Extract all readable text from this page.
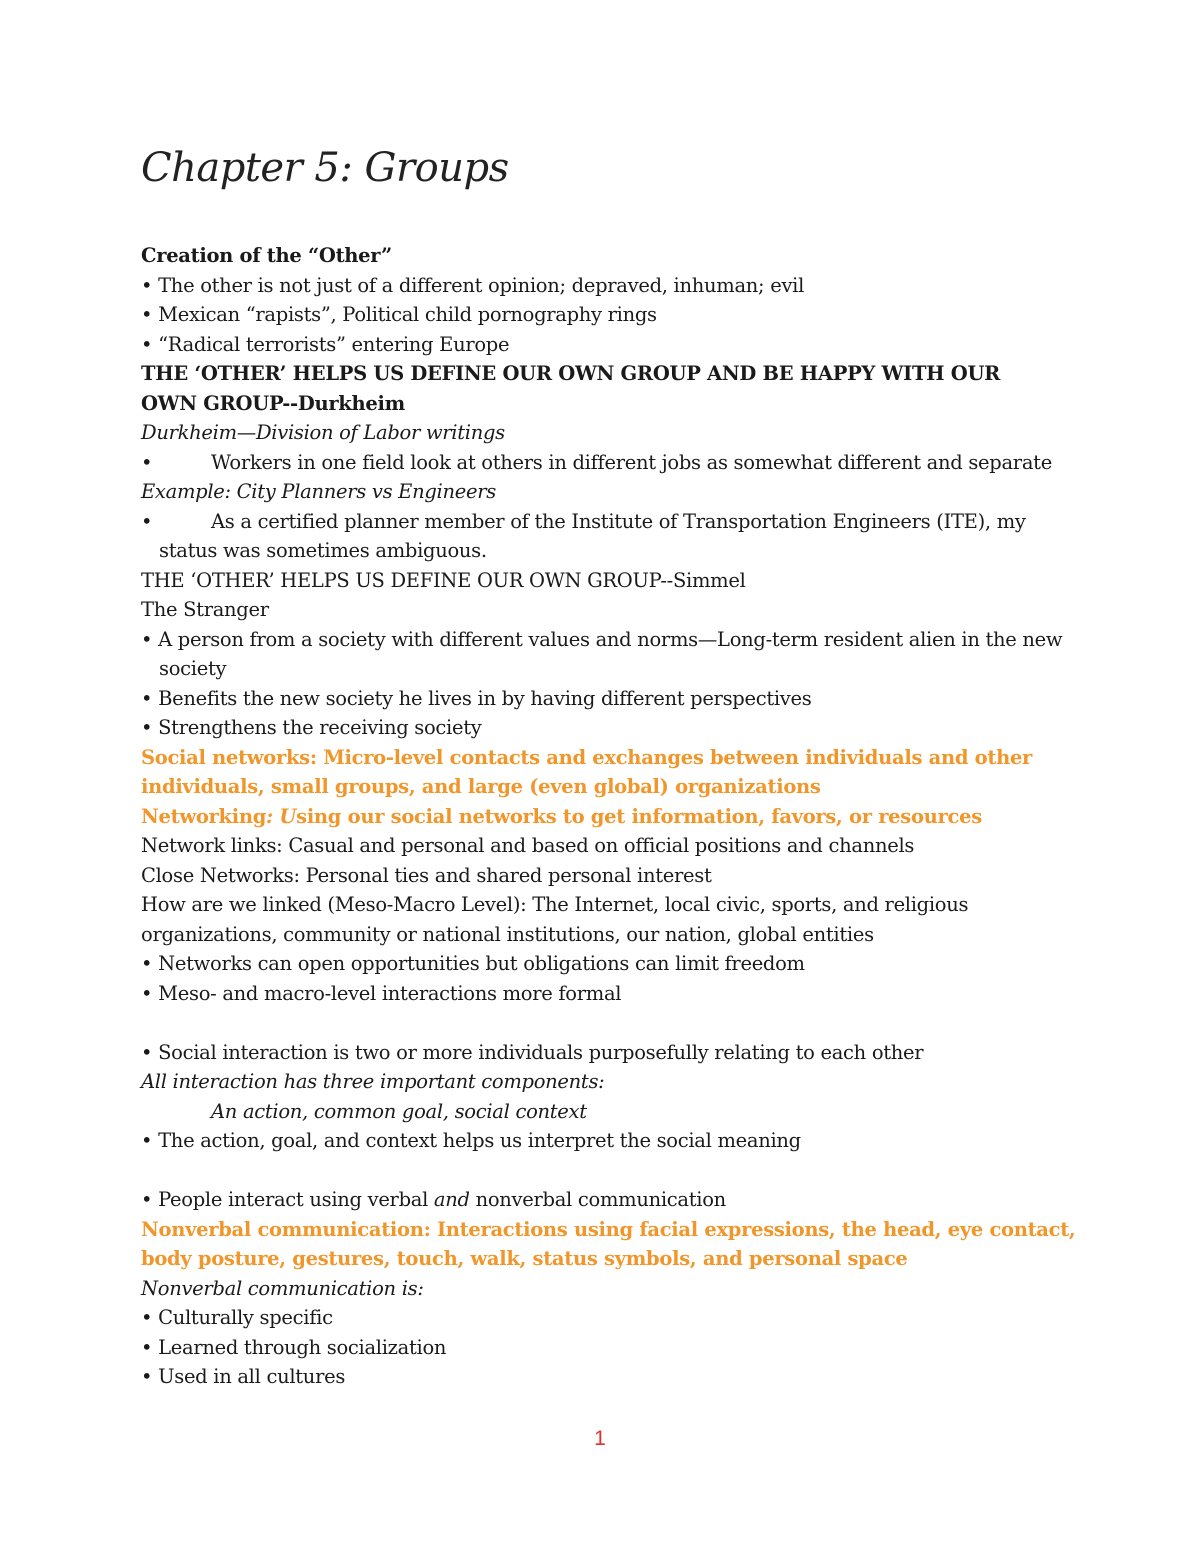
Chapter 5: Groups
Creation of the “Other”
• The other is not just of a different opinion; depraved, inhuman; evil
• Mexican “rapists”, Political child pornography rings
• “Radical terrorists” entering Europe
THE ‘OTHER’ HELPS US DEFINE OUR OWN GROUP AND BE HAPPY WITH OUR
OWN GROUP--Durkheim
Durkheim—Division of Labor writings
•	Workers in one field look at others in different jobs as somewhat different and separate
Example: City Planners vs Engineers
•	As a certified planner member of the Institute of Transportation Engineers (ITE), my
status was sometimes ambiguous.
THE ‘OTHER’ HELPS US DEFINE OUR OWN GROUP--Simmel
The Stranger
• A person from a society with different values and norms—Long-term resident alien in the new
society
• Benefits the new society he lives in by having different perspectives
• Strengthens the receiving society
Social networks: Micro-level contacts and exchanges between individuals and other
individuals, small groups, and large (even global) organizations
Networking: Using our social networks to get information, favors, or resources
Network links: Casual and personal and based on official positions and channels
Close Networks: Personal ties and shared personal interest
How are we linked (Meso-Macro Level): The Internet, local civic, sports, and religious
organizations, community or national institutions, our nation, global entities
• Networks can open opportunities but obligations can limit freedom
• Meso- and macro-level interactions more formal
• Social interaction is two or more individuals purposefully relating to each other
All interaction has three important components:
An action, common goal, social context
• The action, goal, and context helps us interpret the social meaning
• People interact using verbal and nonverbal communication
Nonverbal communication: Interactions using facial expressions, the head, eye contact,
body posture, gestures, touch, walk, status symbols, and personal space
Nonverbal communication is:
• Culturally specific
• Learned through socialization
• Used in all cultures
1
